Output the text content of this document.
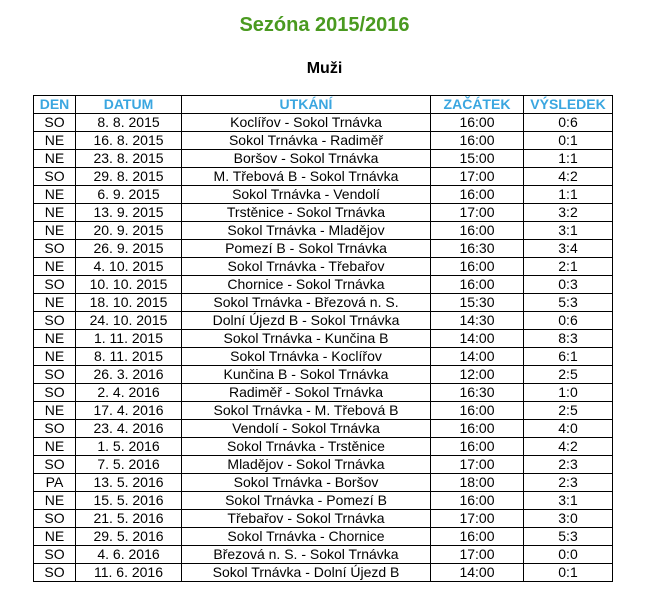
Sezóna 2015/2016
Muži
DEN	DATUM	UTKÁNÍ	ZAČÁTEK	VÝSLEDEK
SO	8. 8. 2015	Koclířov - Sokol Trnávka	16:00	0:6
NE	16. 8. 2015	Sokol Trnávka - Radiměř	16:00	0:1
NE	23. 8. 2015	Boršov - Sokol Trnávka	15:00	1:1
SO	29. 8. 2015	M. Třebová B - Sokol Trnávka	17:00	4:2
NE	6. 9. 2015	Sokol Trnávka - Vendolí	16:00	1:1
NE	13. 9. 2015	Trstěnice - Sokol Trnávka	17:00	3:2
NE	20. 9. 2015	Sokol Trnávka - Mladějov	16:00	3:1
SO	26. 9. 2015	Pomezí B - Sokol Trnávka	16:30	3:4
NE	4. 10. 2015	Sokol Trnávka - Třebařov	16:00	2:1
SO	10. 10. 2015	Chornice - Sokol Trnávka	16:00	0:3
NE	18. 10. 2015	Sokol Trnávka - Březová n. S.	15:30	5:3
SO	24. 10. 2015	Dolní Újezd B - Sokol Trnávka	14:30	0:6
NE	1. 11. 2015	Sokol Trnávka - Kunčina B	14:00	8:3
NE	8. 11. 2015	Sokol Trnávka - Koclířov	14:00	6:1
SO	26. 3. 2016	Kunčina B - Sokol Trnávka	12:00	2:5
SO	2. 4. 2016	Radiměř - Sokol Trnávka	16:30	1:0
NE	17. 4. 2016	Sokol Trnávka - M. Třebová B	16:00	2:5
SO	23. 4. 2016	Vendolí - Sokol Trnávka	16:00	4:0
NE	1. 5. 2016	Sokol Trnávka - Trstěnice	16:00	4:2
SO	7. 5. 2016	Mladějov - Sokol Trnávka	17:00	2:3
PA	13. 5. 2016	Sokol Trnávka - Boršov	18:00	2:3
NE	15. 5. 2016	Sokol Trnávka - Pomezí B	16:00	3:1
SO	21. 5. 2016	Třebařov - Sokol Trnávka	17:00	3:0
NE	29. 5. 2016	Sokol Trnávka - Chornice	16:00	5:3
SO	4. 6. 2016	Březová n. S. - Sokol Trnávka	17:00	0:0
SO	11. 6. 2016	Sokol Trnávka - Dolní Újezd B	14:00	0:1
